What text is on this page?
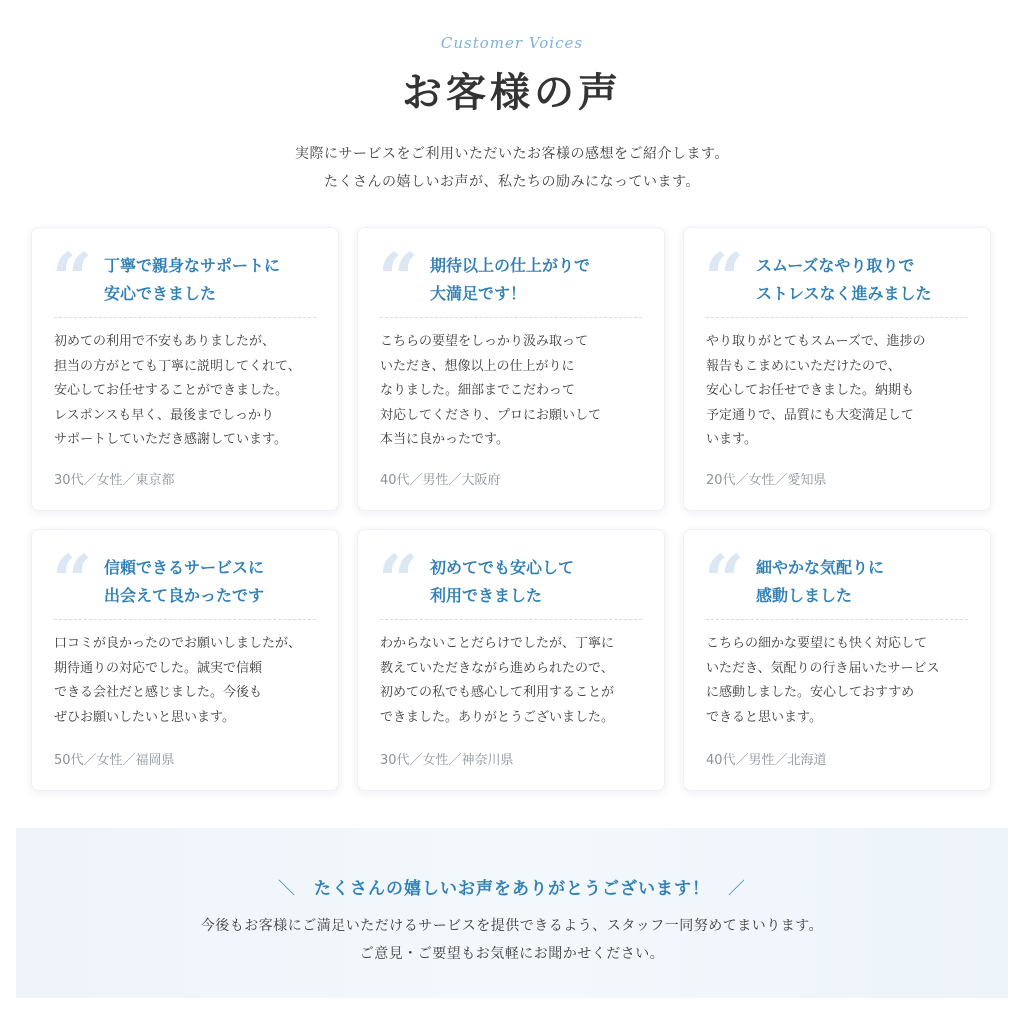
Customer Voices
お客様の声
実際にサービスをご利用いただいたお客様の感想をご紹介します。
たくさんの嬉しいお声が、私たちの励みになっています。
“ 丁寧で親身なサポートに
安心できました
初めての利用で不安もありましたが、
担当の方がとても丁寧に説明してくれて、
安心してお任せすることができました。
レスポンスも早く、最後までしっかり
サポートしていただき感謝しています。
30代／女性／東京都
“ 期待以上の仕上がりで
大満足です！
こちらの要望をしっかり汲み取って
いただき、想像以上の仕上がりに
なりました。細部までこだわって
対応してくださり、プロにお願いして
本当に良かったです。
40代／男性／大阪府
“ スムーズなやり取りで
ストレスなく進みました
やり取りがとてもスムーズで、進捗の
報告もこまめにいただけたので、
安心してお任せできました。納期も
予定通りで、品質にも大変満足して
います。
20代／女性／愛知県
“ 信頼できるサービスに
出会えて良かったです
口コミが良かったのでお願いしましたが、
期待通りの対応でした。誠実で信頼
できる会社だと感じました。今後も
ぜひお願いしたいと思います。
50代／女性／福岡県
“ 初めてでも安心して
利用できました
わからないことだらけでしたが、丁寧に
教えていただきながら進められたので、
初めての私でも感心して利用することが
できました。ありがとうございました。
30代／女性／神奈川県
“ 細やかな気配りに
感動しました
こちらの細かな要望にも快く対応して
いただき、気配りの行き届いたサービス
に感動しました。安心しておすすめ
できると思います。
40代／男性／北海道
＼ たくさんの嬉しいお声をありがとうございます！ ／
今後もお客様にご満足いただけるサービスを提供できるよう、スタッフ一同努めてまいります。
ご意見・ご要望もお気軽にお聞かせください。
